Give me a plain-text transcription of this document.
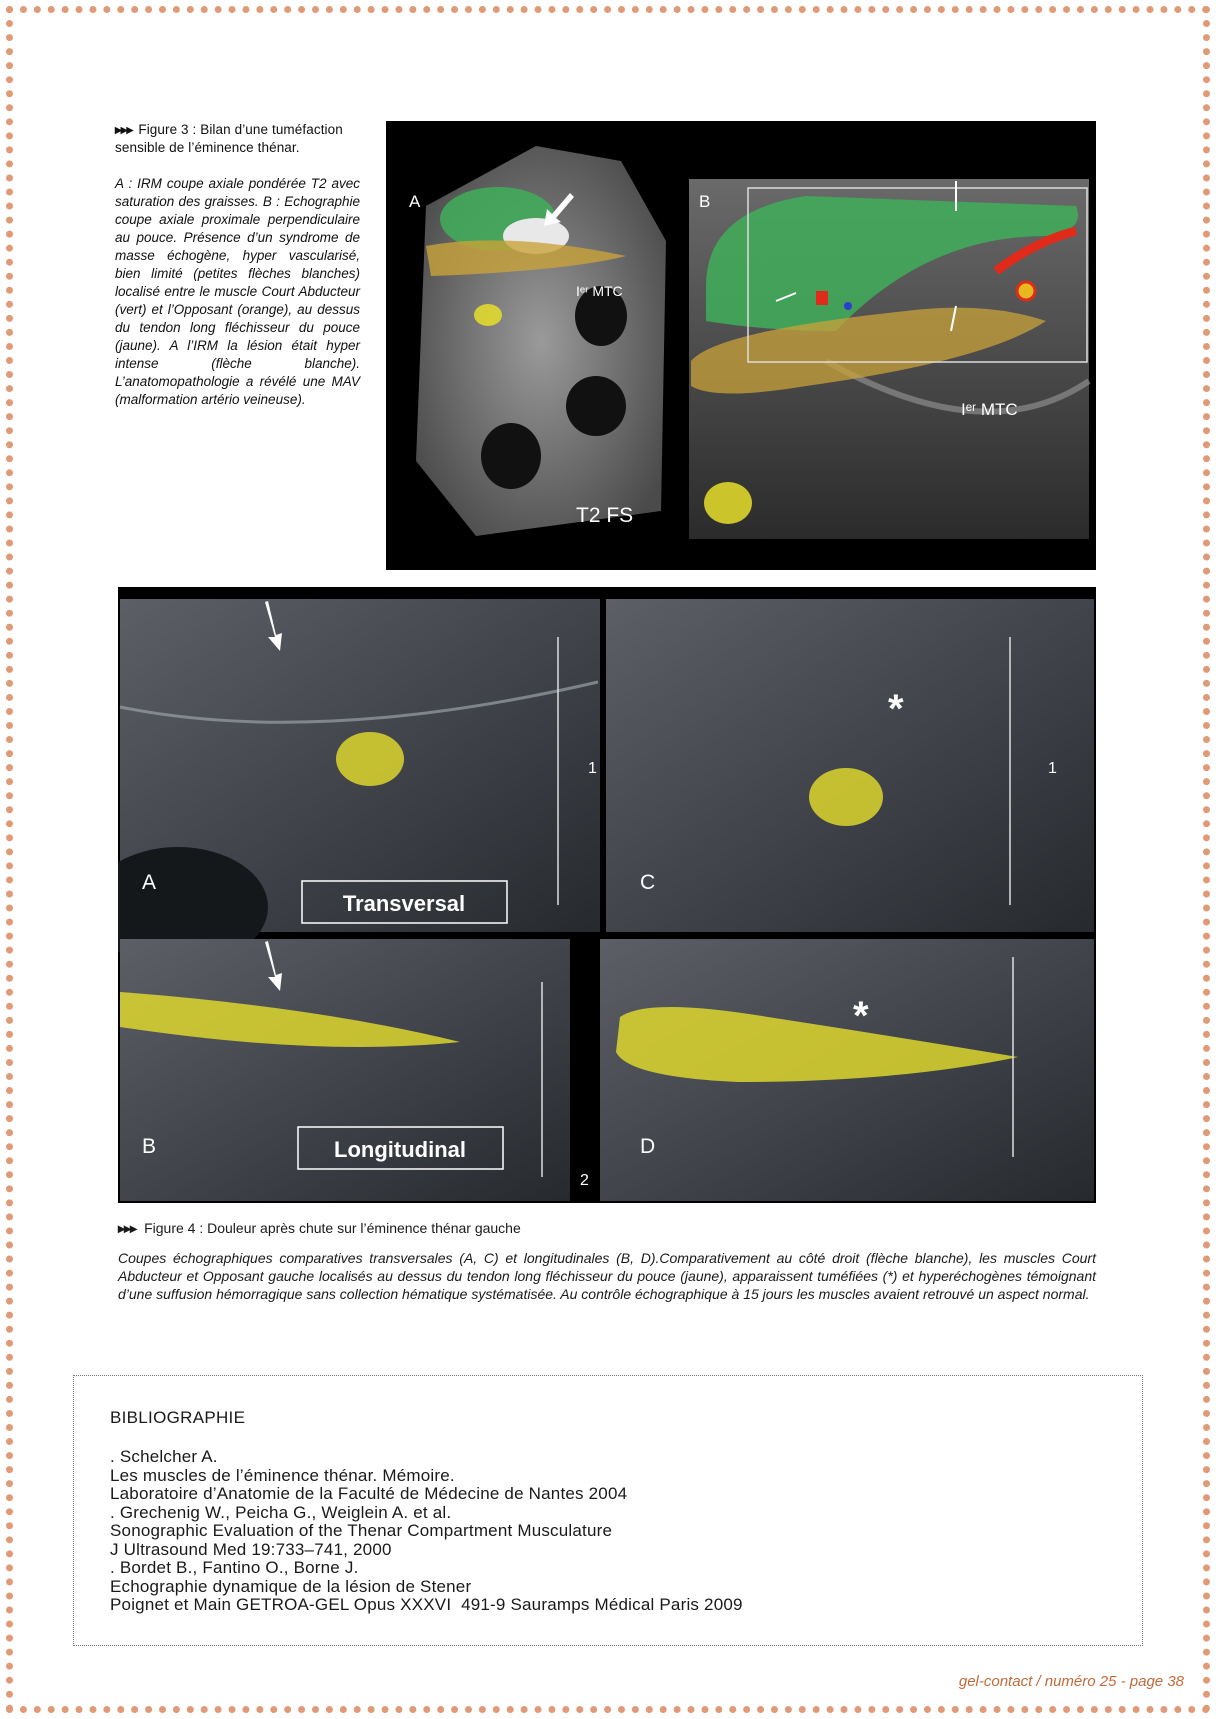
▸▸▸ Figure 3 : Bilan d’une tuméfaction sensible de l’éminence thénar.
A : IRM coupe axiale pondérée T2 avec saturation des graisses. B : Echographie coupe axiale proximale perpendiculaire au pouce. Présence d’un syndrome de masse échogène, hyper vascularisé, bien limité (petites flèches blanches) localisé entre le muscle Court Abducteur (vert) et l’Opposant (orange), au dessus du tendon long fléchisseur du pouce (jaune). A l’IRM la lésion était hyper intense (flèche blanche). L’anatomopathologie a révélé une MAV (malformation artério veineuse).
A
Iᵉʳ MTC
T2 FS
B
Iᵉʳ MTC
1
A
Transversal
1
*
C
2
B	Longitudinal
*
D
▸▸▸ Figure 4 : Douleur après chute sur l’éminence thénar gauche
Coupes échographiques comparatives transversales (A, C) et longitudinales (B, D).Comparativement au côté droit (flèche blanche), les muscles Court Abducteur et Opposant gauche localisés au dessus du tendon long fléchisseur du pouce (jaune), apparaissent tuméfiées (*) et hyperéchogènes témoignant d’une suffusion hémorragique sans collection hématique systématisée. Au contrôle échographique à 15 jours les muscles avaient retrouvé un aspect normal.
BIBLIOGRAPHIE
. Schelcher A.
Les muscles de l’éminence thénar. Mémoire.
Laboratoire d’Anatomie de la Faculté de Médecine de Nantes 2004
. Grechenig W., Peicha G., Weiglein A. et al.
Sonographic Evaluation of the Thenar Compartment Musculature
J Ultrasound Med 19:733–741, 2000
. Bordet B., Fantino O., Borne J.
Echographie dynamique de la lésion de Stener
Poignet et Main GETROA-GEL Opus XXXVI  491-9 Sauramps Médical Paris 2009
gel-contact / numéro 25 - page 38
